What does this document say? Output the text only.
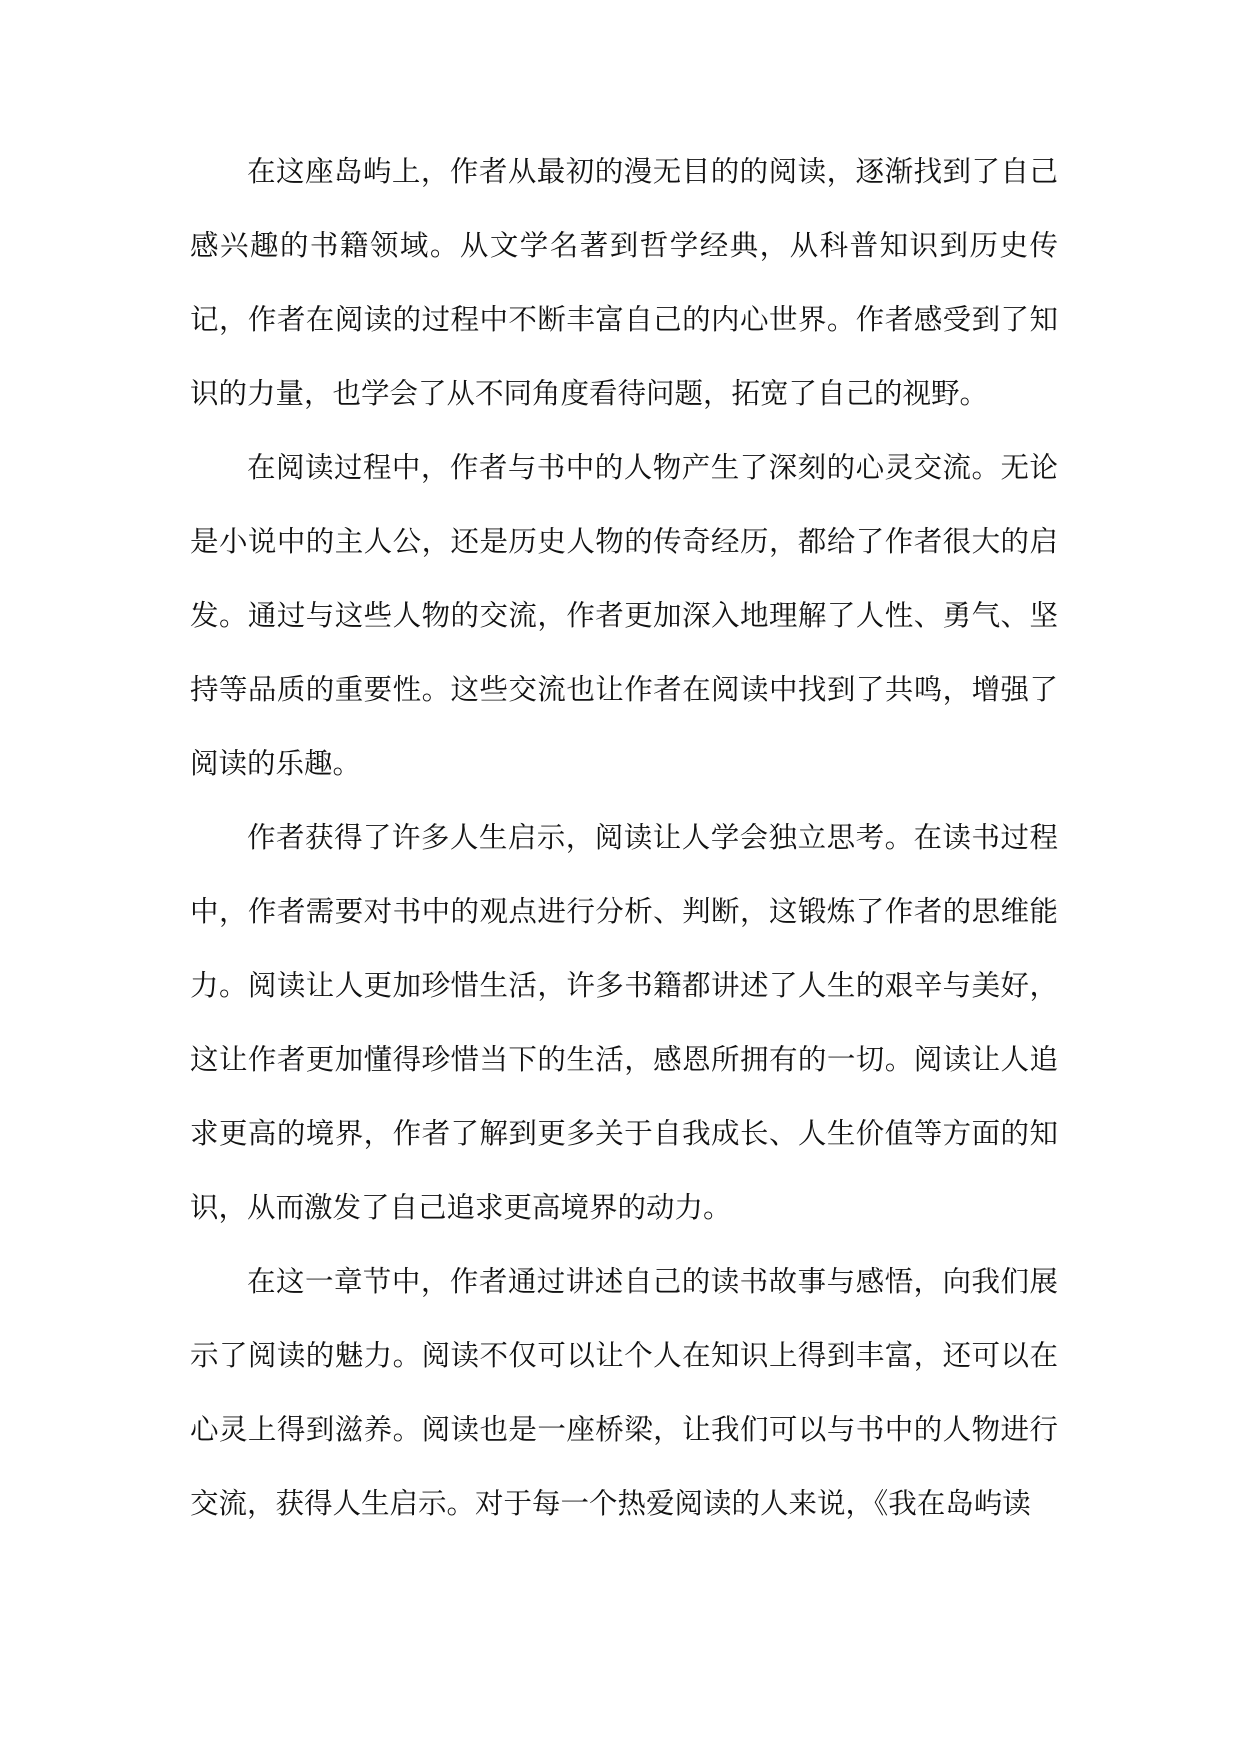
在这座岛屿上，作者从最初的漫无目的的阅读，逐渐找到了自己感兴趣的书籍领域。从文学名著到哲学经典，从科普知识到历史传记，作者在阅读的过程中不断丰富自己的内心世界。作者感受到了知识的力量，也学会了从不同角度看待问题，拓宽了自己的视野。

在阅读过程中，作者与书中的人物产生了深刻的心灵交流。无论是小说中的主人公，还是历史人物的传奇经历，都给了作者很大的启发。通过与这些人物的交流，作者更加深入地理解了人性、勇气、坚持等品质的重要性。这些交流也让作者在阅读中找到了共鸣，增强了阅读的乐趣。

作者获得了许多人生启示，阅读让人学会独立思考。在读书过程中，作者需要对书中的观点进行分析、判断，这锻炼了作者的思维能力。阅读让人更加珍惜生活，许多书籍都讲述了人生的艰辛与美好，这让作者更加懂得珍惜当下的生活，感恩所拥有的一切。阅读让人追求更高的境界，作者了解到更多关于自我成长、人生价值等方面的知识，从而激发了自己追求更高境界的动力。

在这一章节中，作者通过讲述自己的读书故事与感悟，向我们展示了阅读的魅力。阅读不仅可以让个人在知识上得到丰富，还可以在心灵上得到滋养。阅读也是一座桥梁，让我们可以与书中的人物进行交流，获得人生启示。对于每一个热爱阅读的人来说，《我在岛屿读
